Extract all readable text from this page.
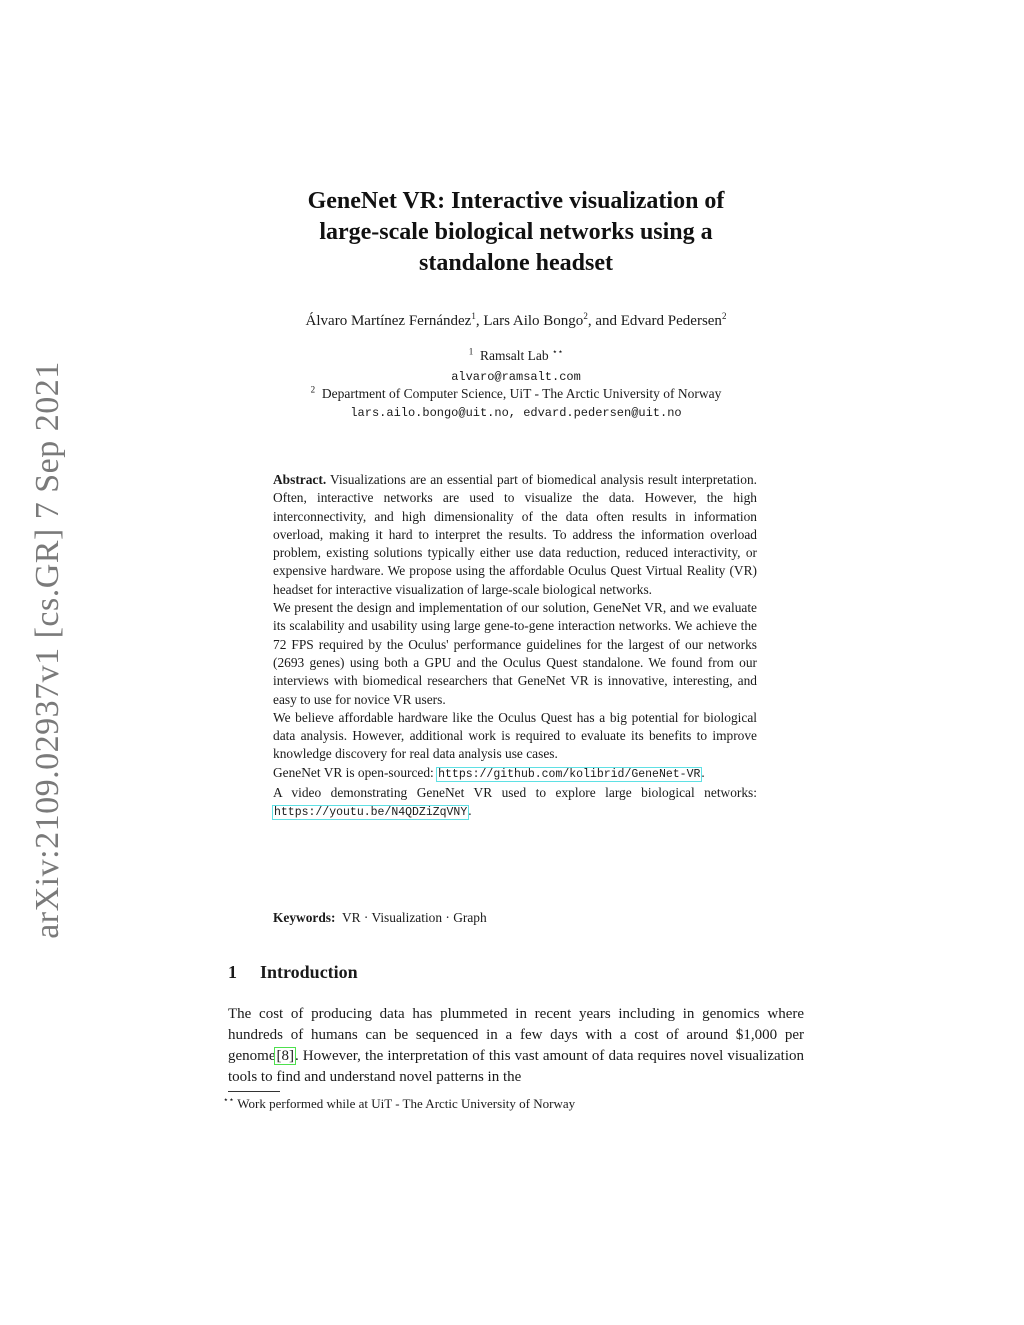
arXiv:2109.02937v1 [cs.GR] 7 Sep 2021
GeneNet VR: Interactive visualization of
large-scale biological networks using a
standalone headset
Álvaro Martínez Fernández$^1$, Lars Ailo Bongo$^2$, and Edvard Pedersen$^2$
$^1$ Ramsalt Lab ⋆⋆
alvaro@ramsalt.com
$^2$ Department of Computer Science, UiT - The Arctic University of Norway
lars.ailo.bongo@uit.no, edvard.pedersen@uit.no

Abstract. Visualizations are an essential part of biomedical analysis result interpretation. Often, interactive networks are used to visualize the data. However, the high interconnectivity, and high dimensionality of the data often results in information overload, making it hard to interpret the results. To address the information overload problem, existing solutions typically either use data reduction, reduced interactivity, or expensive hardware. We propose using the affordable Oculus Quest Virtual Reality (VR) headset for interactive visualization of large-scale biological networks.

We present the design and implementation of our solution, GeneNet VR, and we evaluate its scalability and usability using large gene-to-gene interaction networks. We achieve the 72 FPS required by the Oculus' performance guidelines for the largest of our networks (2693 genes) using both a GPU and the Oculus Quest standalone. We found from our interviews with biomedical researchers that GeneNet VR is innovative, interesting, and easy to use for novice VR users.

We believe affordable hardware like the Oculus Quest has a big potential for biological data analysis. However, additional work is required to evaluate its benefits to improve knowledge discovery for real data analysis use cases.

GeneNet VR is open-sourced: https://github.com/kolibrid/GeneNet-VR.

A video demonstrating GeneNet VR used to explore large biological networks: https://youtu.be/N4QDZiZqVNY.

Keywords: VR · Visualization · Graph
1 Introduction

The cost of producing data has plummeted in recent years including in genomics where hundreds of humans can be sequenced in a few days with a cost of around $1,000 per genome[8]. However, the interpretation of this vast amount of data requires novel visualization tools to find and understand novel patterns in the

⋆⋆ Work performed while at UiT - The Arctic University of Norway
